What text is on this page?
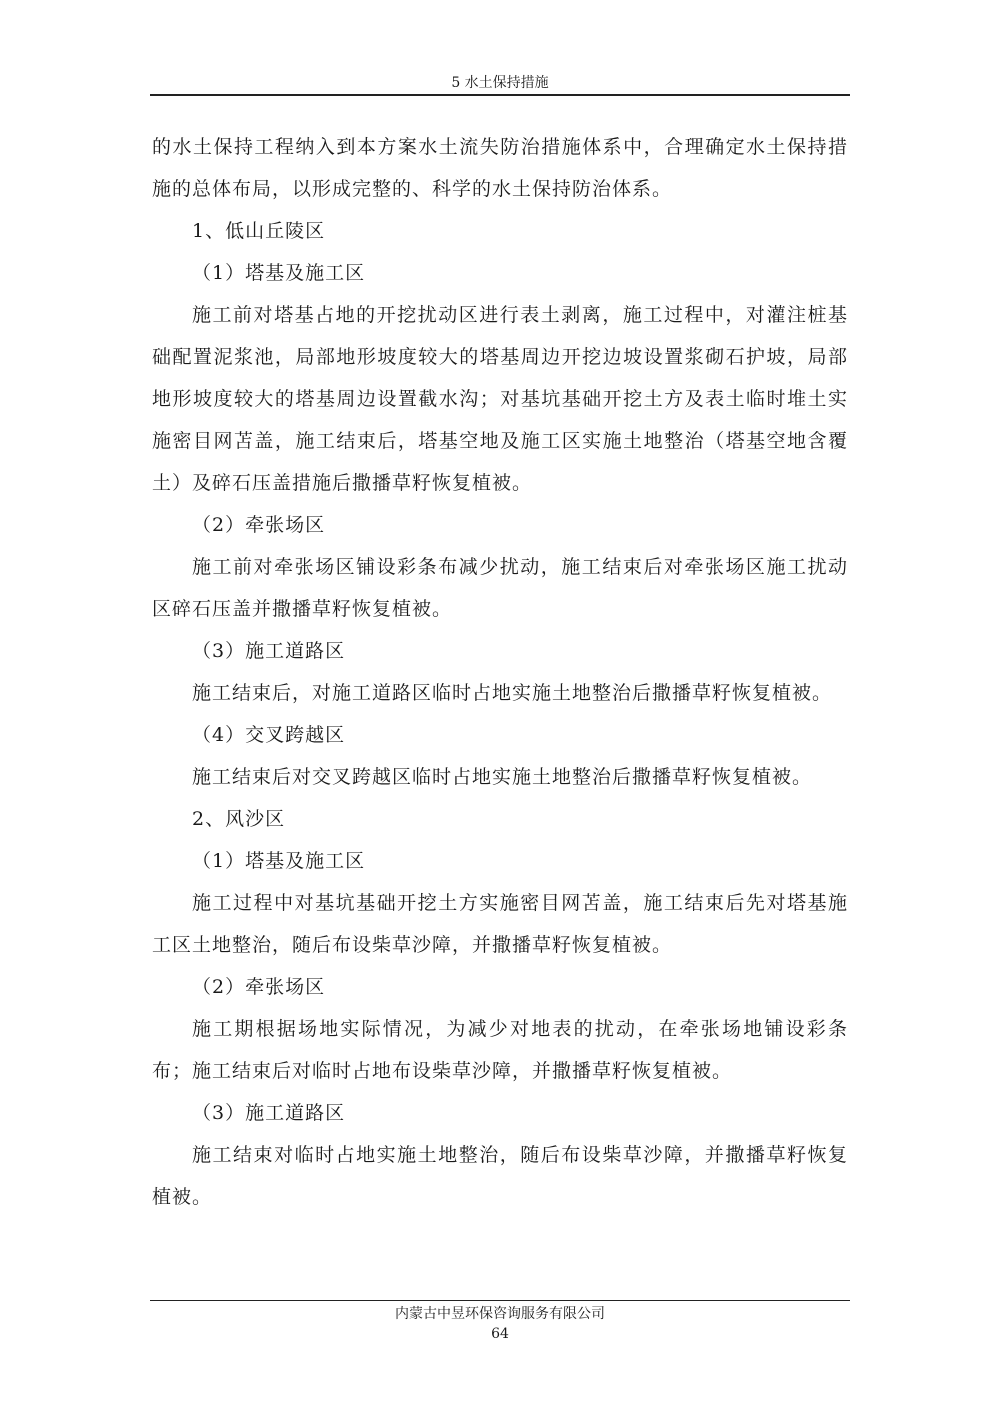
5 水土保持措施

的水土保持工程纳入到本方案水土流失防治措施体系中，合理确定水土保持措施的总体布局，以形成完整的、科学的水土保持防治体系。

1、低山丘陵区

（1）塔基及施工区

施工前对塔基占地的开挖扰动区进行表土剥离，施工过程中，对灌注桩基础配置泥浆池，局部地形坡度较大的塔基周边开挖边坡设置浆砌石护坡，局部地形坡度较大的塔基周边设置截水沟；对基坑基础开挖土方及表土临时堆土实施密目网苫盖，施工结束后，塔基空地及施工区实施土地整治（塔基空地含覆土）及碎石压盖措施后撒播草籽恢复植被。

（2）牵张场区

施工前对牵张场区铺设彩条布减少扰动，施工结束后对牵张场区施工扰动区碎石压盖并撒播草籽恢复植被。

（3）施工道路区

施工结束后，对施工道路区临时占地实施土地整治后撒播草籽恢复植被。

（4）交叉跨越区

施工结束后对交叉跨越区临时占地实施土地整治后撒播草籽恢复植被。

2、风沙区

（1）塔基及施工区

施工过程中对基坑基础开挖土方实施密目网苫盖，施工结束后先对塔基施工区土地整治，随后布设柴草沙障，并撒播草籽恢复植被。

（2）牵张场区

施工期根据场地实际情况，为减少对地表的扰动，在牵张场地铺设彩条布；施工结束后对临时占地布设柴草沙障，并撒播草籽恢复植被。

（3）施工道路区

施工结束对临时占地实施土地整治，随后布设柴草沙障，并撒播草籽恢复植被。

内蒙古中昱环保咨询服务有限公司
64
